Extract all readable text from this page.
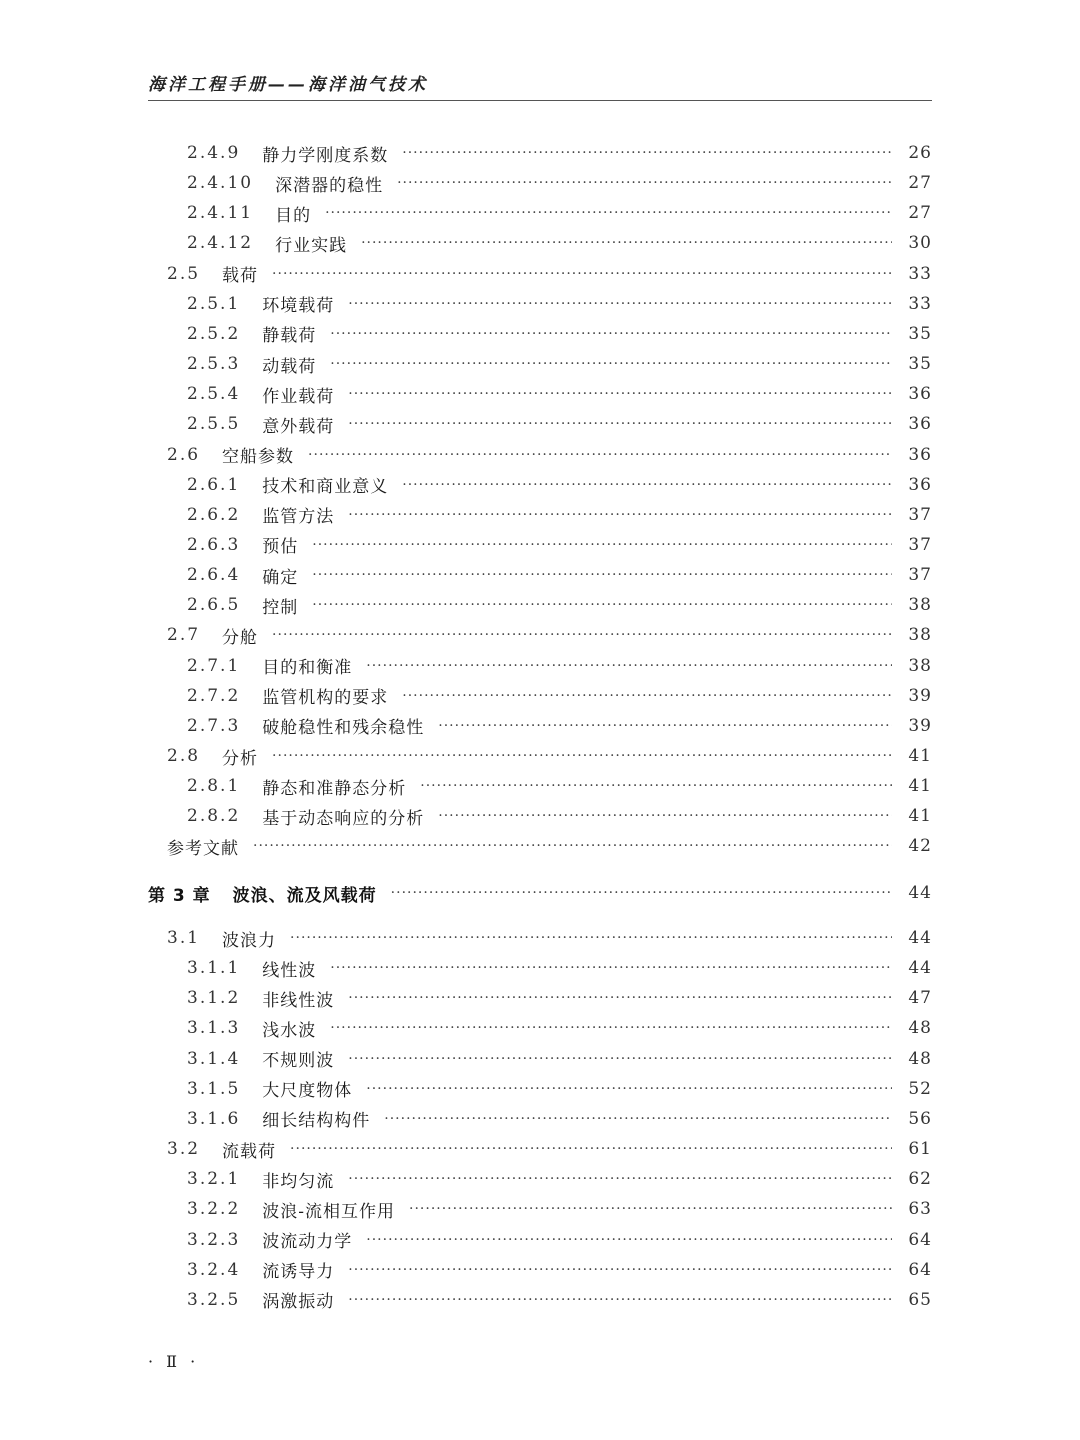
海洋工程手册——海洋油气技术
2.4.9 静力学刚度系数 ·····	26
2.4.10 深潜器的稳性 ·····	27
2.4.11 目的 ·····	27
2.4.12 行业实践 ·····	30
2.5 载荷 ·····	33
2.5.1 环境载荷 ·····	33
2.5.2 静载荷 ·····	35
2.5.3 动载荷 ·····	35
2.5.4 作业载荷 ·····	36
2.5.5 意外载荷 ·····	36
2.6 空船参数 ·····	36
2.6.1 技术和商业意义 ·····	36
2.6.2 监管方法 ·····	37
2.6.3 预估 ·····	37
2.6.4 确定 ·····	37
2.6.5 控制 ·····	38
2.7 分舱 ·····	38
2.7.1 目的和衡准 ·····	38
2.7.2 监管机构的要求 ·····	39
2.7.3 破舱稳性和残余稳性 ·····	39
2.8 分析 ·····	41
2.8.1 静态和准静态分析 ·····	41
2.8.2 基于动态响应的分析 ·····	41
参考文献 ·····	42
第 3 章 波浪、流及风载荷 ·····	44
3.1 波浪力 ·····	44
3.1.1 线性波 ·····	44
3.1.2 非线性波 ·····	47
3.1.3 浅水波 ·····	48
3.1.4 不规则波 ·····	48
3.1.5 大尺度物体 ·····	52
3.1.6 细长结构构件 ·····	56
3.2 流载荷 ·····	61
3.2.1 非均匀流 ·····	62
3.2.2 波浪-流相互作用 ·····	63
3.2.3 波流动力学 ·····	64
3.2.4 流诱导力 ·····	64
3.2.5 涡激振动 ·····	65
· Ⅱ ·
